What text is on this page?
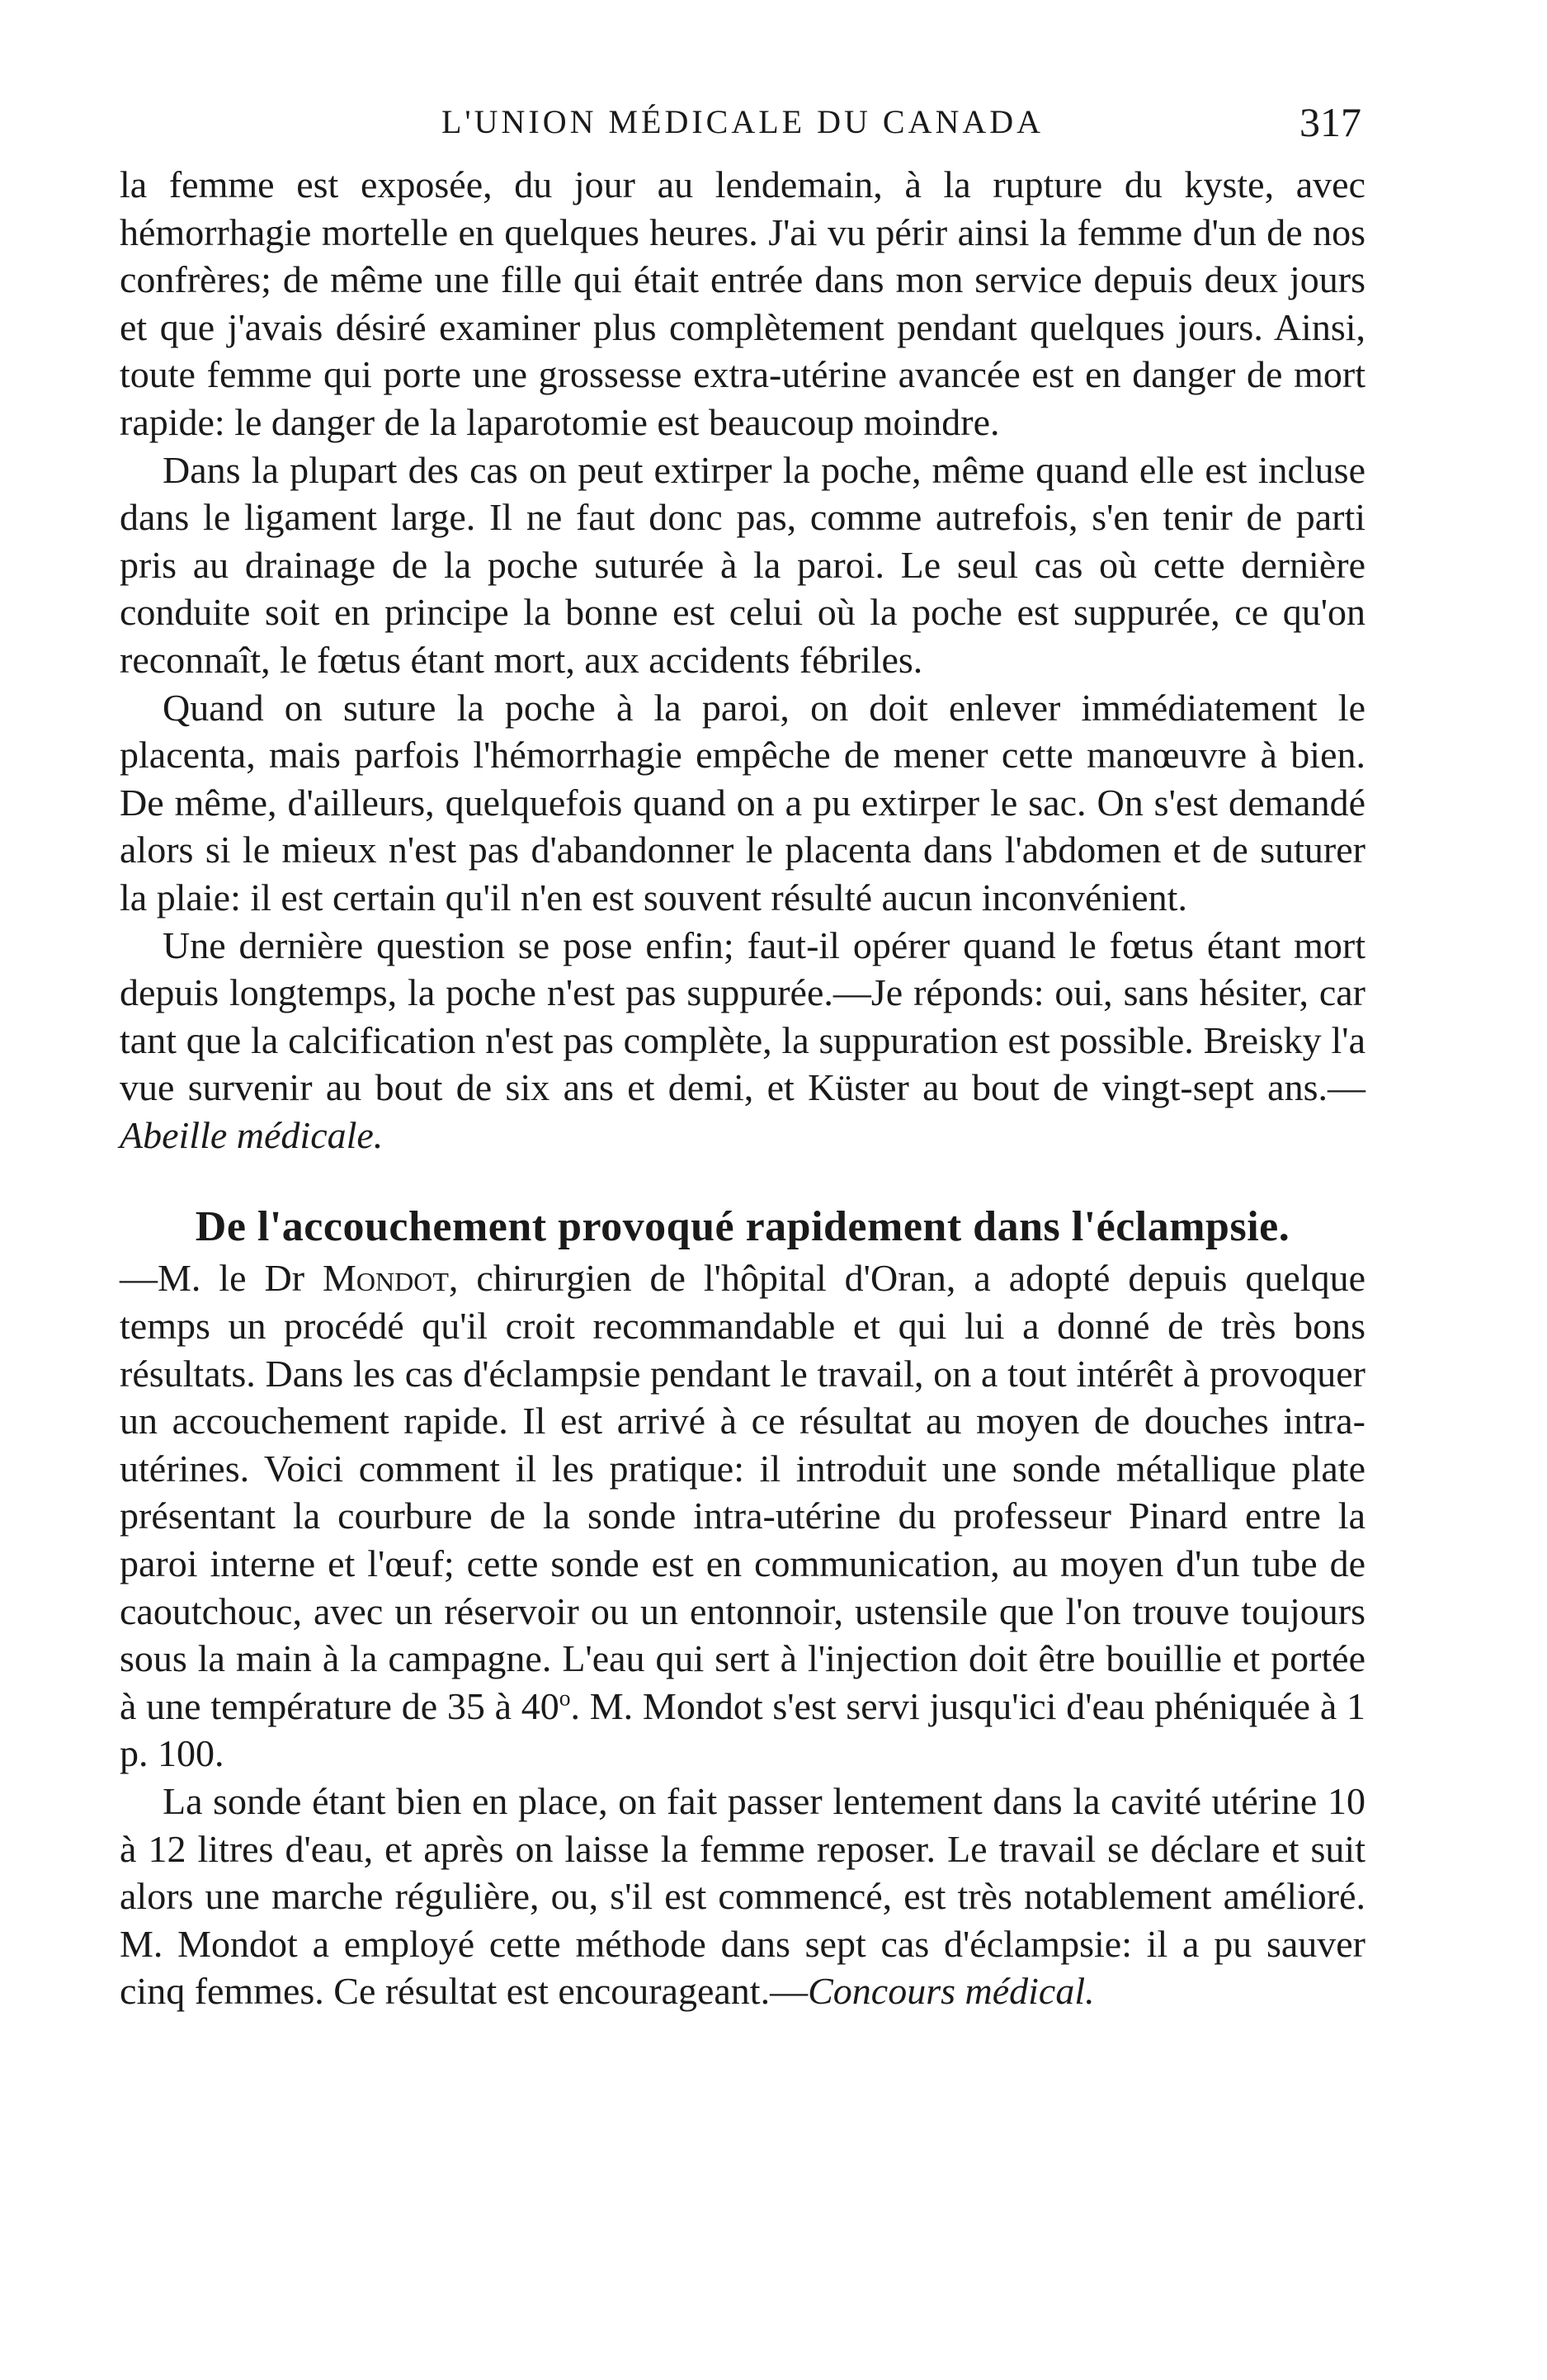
L'UNION MÉDICALE DU CANADA	317

la femme est exposée, du jour au lendemain, à la rupture du kyste, avec hémorrhagie mortelle en quelques heures. J'ai vu périr ainsi la femme d'un de nos confrères; de même une fille qui était entrée dans mon service depuis deux jours et que j'avais désiré examiner plus complètement pendant quelques jours. Ainsi, toute femme qui porte une grossesse extra-utérine avancée est en danger de mort rapide: le danger de la laparotomie est beaucoup moindre.

Dans la plupart des cas on peut extirper la poche, même quand elle est incluse dans le ligament large. Il ne faut donc pas, comme autrefois, s'en tenir de parti pris au drainage de la poche suturée à la paroi. Le seul cas où cette dernière conduite soit en principe la bonne est celui où la poche est suppurée, ce qu'on reconnaît, le fœtus étant mort, aux accidents fébriles.

Quand on suture la poche à la paroi, on doit enlever immédiatement le placenta, mais parfois l'hémorrhagie empêche de mener cette manœuvre à bien. De même, d'ailleurs, quelquefois quand on a pu extirper le sac. On s'est demandé alors si le mieux n'est pas d'abandonner le placenta dans l'abdomen et de suturer la plaie: il est certain qu'il n'en est souvent résulté aucun inconvénient.

Une dernière question se pose enfin; faut-il opérer quand le fœtus étant mort depuis longtemps, la poche n'est pas suppurée.—Je réponds: oui, sans hésiter, car tant que la calcification n'est pas complète, la suppuration est possible. Breisky l'a vue survenir au bout de six ans et demi, et Küster au bout de vingt-sept ans.—Abeille médicale.

De l'accouchement provoqué rapidement dans l'éclampsie.

—M. le Dr Mondot, chirurgien de l'hôpital d'Oran, a adopté depuis quelque temps un procédé qu'il croit recommandable et qui lui a donné de très bons résultats. Dans les cas d'éclampsie pendant le travail, on a tout intérêt à provoquer un accouchement rapide. Il est arrivé à ce résultat au moyen de douches intra-utérines. Voici comment il les pratique: il introduit une sonde métallique plate présentant la courbure de la sonde intra-utérine du professeur Pinard entre la paroi interne et l'œuf; cette sonde est en communication, au moyen d'un tube de caoutchouc, avec un réservoir ou un entonnoir, ustensile que l'on trouve toujours sous la main à la campagne. L'eau qui sert à l'injection doit être bouillie et portée à une température de 35 à 40$^o$. M. Mondot s'est servi jusqu'ici d'eau phéniquée à 1 p. 100.

La sonde étant bien en place, on fait passer lentement dans la cavité utérine 10 à 12 litres d'eau, et après on laisse la femme reposer. Le travail se déclare et suit alors une marche régulière, ou, s'il est commencé, est très notablement amélioré. M. Mondot a employé cette méthode dans sept cas d'éclampsie: il a pu sauver cinq femmes. Ce résultat est encourageant.—Concours médical.
